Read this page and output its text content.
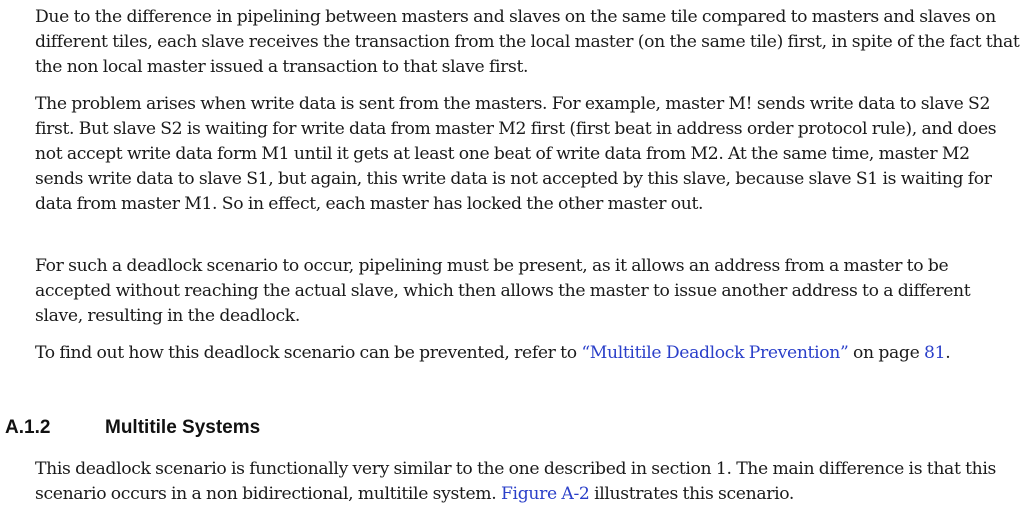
Due to the difference in pipelining between masters and slaves on the same tile compared to masters and slaves on different tiles, each slave receives the transaction from the local master (on the same tile) first, in spite of the fact that the non local master issued a transaction to that slave first.

The problem arises when write data is sent from the masters. For example, master M! sends write data to slave S2 first. But slave S2 is waiting for write data from master M2 first (first beat in address order protocol rule), and does not accept write data form M1 until it gets at least one beat of write data from M2. At the same time, master M2 sends write data to slave S1, but again, this write data is not accepted by this slave, because slave S1 is waiting for data from master M1. So in effect, each master has locked the other master out.

For such a deadlock scenario to occur, pipelining must be present, as it allows an address from a master to be accepted without reaching the actual slave, which then allows the master to issue another address to a different slave, resulting in the deadlock.

To find out how this deadlock scenario can be prevented, refer to “Multitile Deadlock Prevention” on page 81.

A.1.2	Multitile Systems

This deadlock scenario is functionally very similar to the one described in section 1. The main difference is that this scenario occurs in a non bidirectional, multitile system. Figure A-2 illustrates this scenario.
